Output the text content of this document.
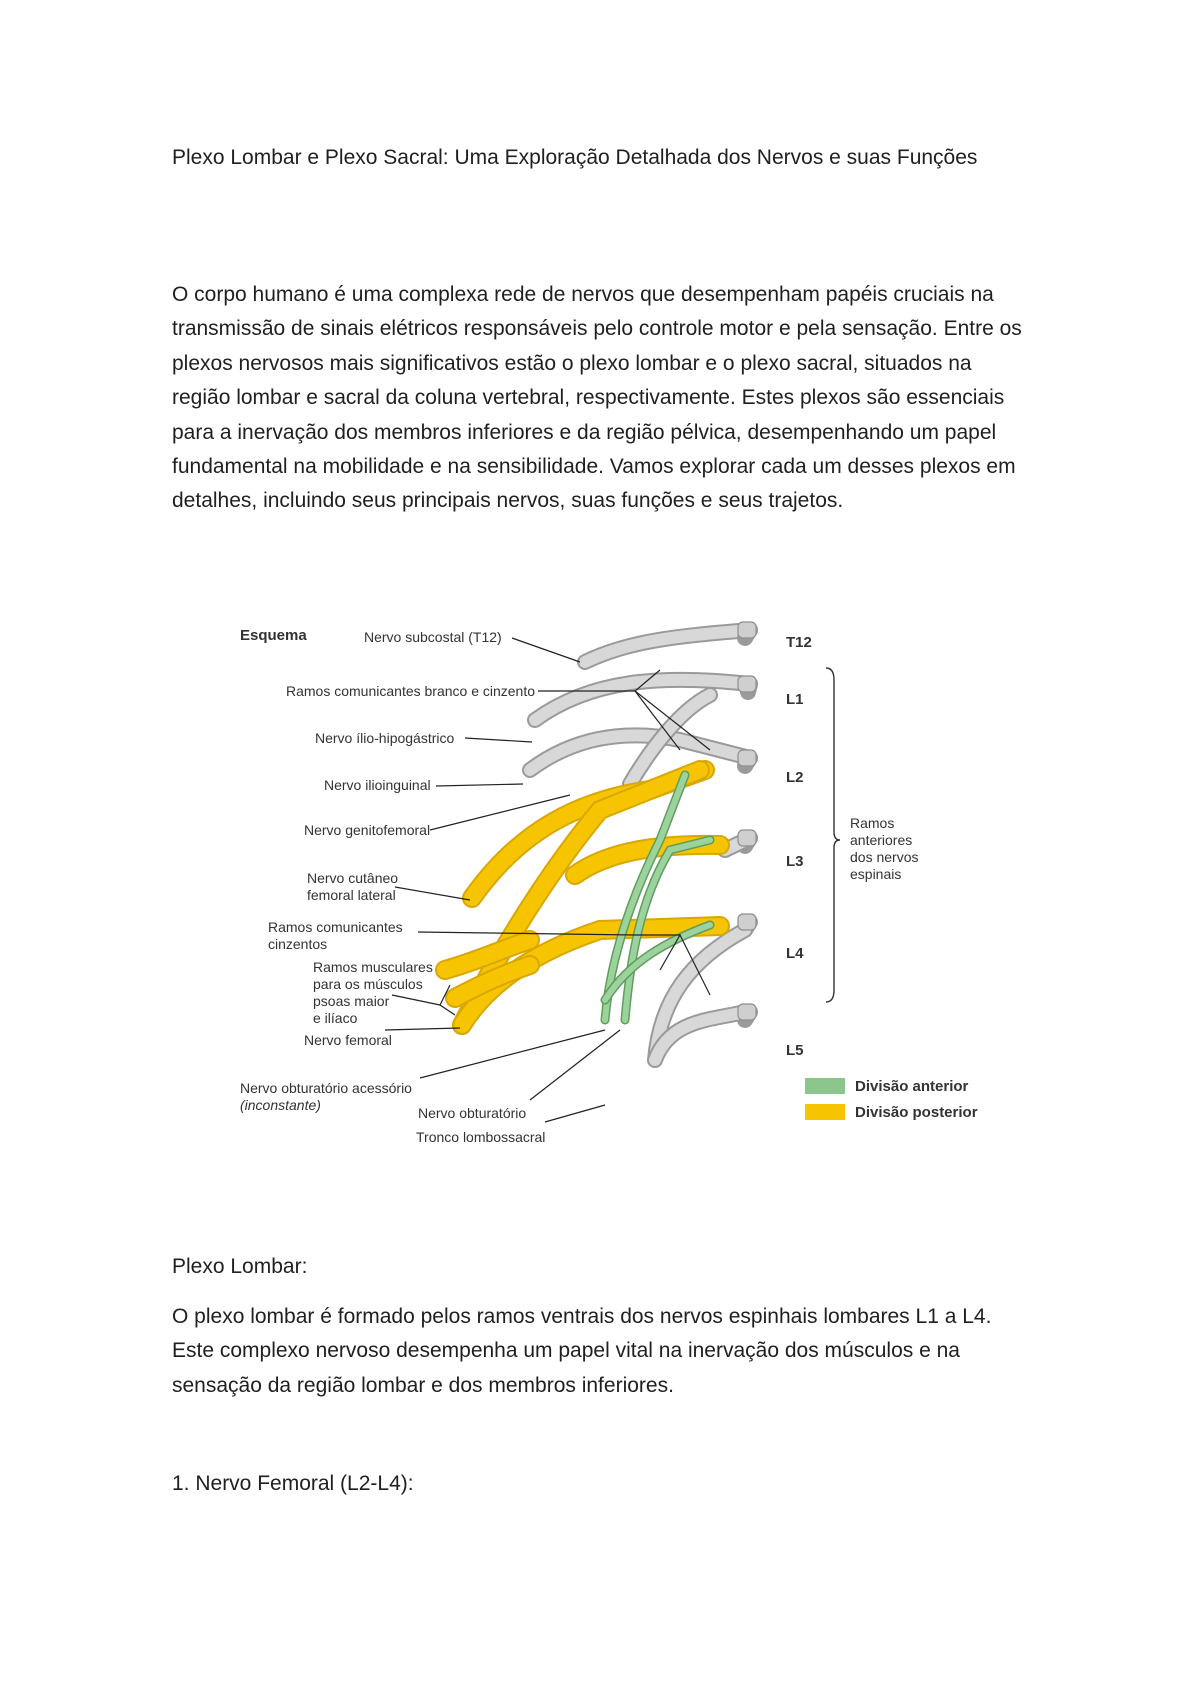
Plexo Lombar e Plexo Sacral: Uma Exploração Detalhada dos Nervos e suas Funções

O corpo humano é uma complexa rede de nervos que desempenham papéis cruciais na transmissão de sinais elétricos responsáveis pelo controle motor e pela sensação. Entre os plexos nervosos mais significativos estão o plexo lombar e o plexo sacral, situados na região lombar e sacral da coluna vertebral, respectivamente. Estes plexos são essenciais para a inervação dos membros inferiores e da região pélvica, desempenhando um papel fundamental na mobilidade e na sensibilidade. Vamos explorar cada um desses plexos em detalhes, incluindo seus principais nervos, suas funções e seus trajetos.

Esquema	Nervo subcostal (T12)
Ramos comunicantes branco e cinzento
Nervo ílio-hipogástrico
Nervo ilioinguinal
Nervo genitofemoral
Nervo cutâneo
femoral lateral
Ramos comunicantes
cinzentos
Ramos musculares
para os músculos
psoas maior
e ilíaco
Nervo femoral
Nervo obturatório acessório
(inconstante)	Nervo obturatório
Tronco lombossacral
T12
L1
L2
L3
L4
L5
Ramos
anteriores
dos nervos
espinais
Divisão anterior
Divisão posterior
Plexo Lombar:

O plexo lombar é formado pelos ramos ventrais dos nervos espinhais lombares L1 a L4. Este complexo nervoso desempenha um papel vital na inervação dos músculos e na sensação da região lombar e dos membros inferiores.

1. Nervo Femoral (L2-L4):
